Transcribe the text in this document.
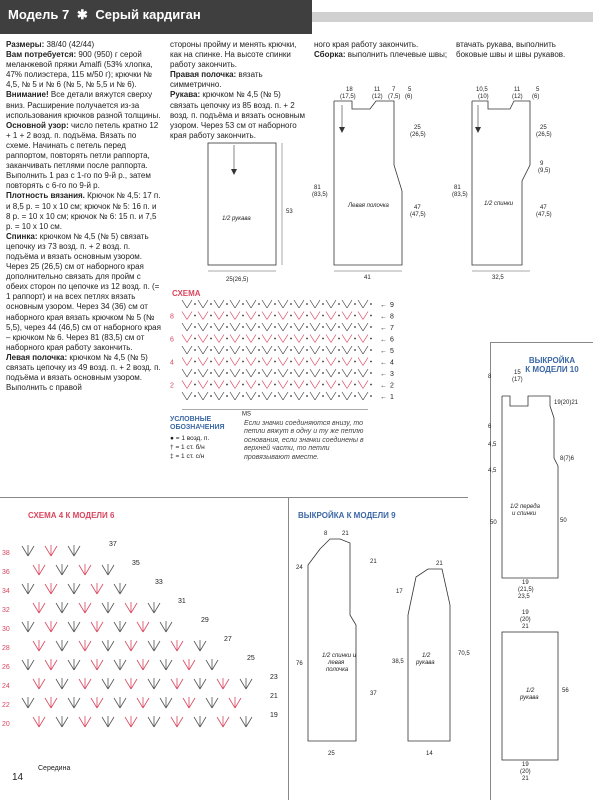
Модель 7 ✱ Серый кардиган

Размеры: 38/40 (42/44)

Вам потребуется: 900 (950) г серой меланжевой пряжи Amalfi (53% хлопка, 47% полиэстера, 115 м/50 г); крючки № 4,5, № 5 и № 6 (№ 5, № 5,5 и № 6).

Внимание! Все детали вяжутся сверху вниз. Расширение получается из-за использования крючков разной толщины.

Основной узор: число петель кратно 12 + 1 + 2 возд. п. подъёма. Вязать по схеме. Начинать с петель перед раппортом, повторять петли раппорта, заканчивать петлями после раппорта. Выполнить 1 раз с 1-го по 9-й р., затем повторять с 6-го по 9-й р.

Плотность вязания. Крючок № 4,5: 17 п. и 8,5 р. = 10 х 10 см; крючок № 5: 16 п. и 8 р. = 10 х 10 см; крючок № 6: 15 п. и 7,5 р. = 10 х 10 см.

Спинка: крючком № 4,5 (№ 5) связать цепочку из 73 возд. п. + 2 возд. п. подъёма и вязать основным узором. Через 25 (26,5) см от наборного края дополнительно связать для пройм с обеих сторон по цепочке из 12 возд. п. (= 1 раппорт) и на всех петлях вязать основным узором. Через 34 (36) см от наборного края вязать крючком № 5 (№ 5,5), через 44 (46,5) см от наборного края – крючком № 6. Через 81 (83,5) см от наборного края работу закончить.

Левая полочка: крючком № 4,5 (№ 5) связать цепочку из 49 возд. п. + 2 возд. п. подъёма и вязать основным узором. Выполнить с правой

стороны пройму и менять крючки, как на спинке. На высоте спинки работу закончить.

Правая полочка: вязать симметрично.

Рукава: крючком № 4,5 (№ 5) связать цепочку из 85 возд. п. + 2 возд. п. подъёма и вязать основным узором. Через 53 см от наборного края работу закончить.

ного края работу закончить.

Сборка: выполнить плечевые швы;

втачать рукава, выполнить боковые швы и швы рукавов.

1/2 рукава
53
25(26,5)
Левая полочка
81 (83,5)
25 (26,5)
47 (47,5)
18 (17,5)
11 (12)
7 (7,5)
5 (6)
41
1/2 спинки
81 (83,5)
25 (26,5)
9 (9,5)
47 (47,5)
10,5 (10)
11 (12)
5 (6)
32,5
СХЕМА
9
←
8
←
7
←
6
←
5
←
4
←
3
←
2
←
1
←
8
6
4
2
MS
УСЛОВНЫЕ ОБОЗНАЧЕНИЯ
● = 1 возд. п.
† = 1 ст. б/н
‡ = 1 ст. с/н
Если значки соединяются внизу, то петли вяжут в одну и ту же петлю основания, если значки соединены в верхней части, то петли провязывают вместе.
ВЫКРОЙКА
К МОДЕЛИ 10
1/2 переда и спинки
15 (17)
8
19(20)21
6
8(7)6
4,5
4,5
50	50
19 (21,5) 23,5
19 (20) 21
1/2 рукава
56
19 (20) 21
СХЕМА 4 К МОДЕЛИ 6
38
37
36
35
34
33
32
31
30
29
28
27
26
25
24
23
22
21
20
19
Середина
ВЫКРОЙКА К МОДЕЛИ 9
1/2 спинки и левая полочка
8 21
24
76
21
37
25
21
1/2 рукава
17
38,5
70,5
14
14
